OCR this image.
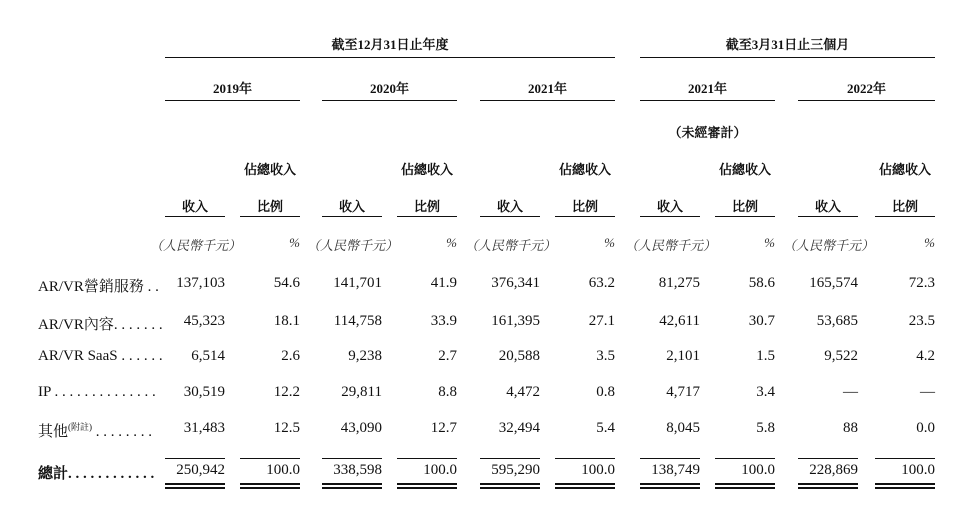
截至12月31日止年度	截至3月31日止三個月
2019年	2020年	2021年	2021年	2022年
（未經審計）
佔總收入	佔總收入	佔總收入	佔總收入	佔總收入
收入	比例	收入	比例	收入	比例	收入	比例	收入	比例
（人民幣千元）	% （人民幣千元）	% （人民幣千元）	% （人民幣千元）	% （人民幣千元）	%
AR/VR營銷服務 . .	137,103	54.6	141,701	41.9	376,341	63.2	81,275	58.6	165,574	72.3
AR/VR內容. . . . . . .	45,323	18.1	114,758	33.9	161,395	27.1	42,611	30.7	53,685	23.5
AR/VR SaaS . . . . . .	6,514	2.6	9,238	2.7	20,588	3.5	2,101	1.5	9,522	4.2
IP . . . . . . . . . . . . . .	30,519	12.2	29,811	8.8	4,472	0.8	4,717	3.4	—	—
其他$^{(附註)}$ . . . . . . . .	31,483	12.5	43,090	12.7	32,494	5.4	8,045	5.8	88	0.0
總計. . . . . . . . . . . .	250,942	100.0	338,598	100.0	595,290	100.0	138,749	100.0	228,869	100.0
